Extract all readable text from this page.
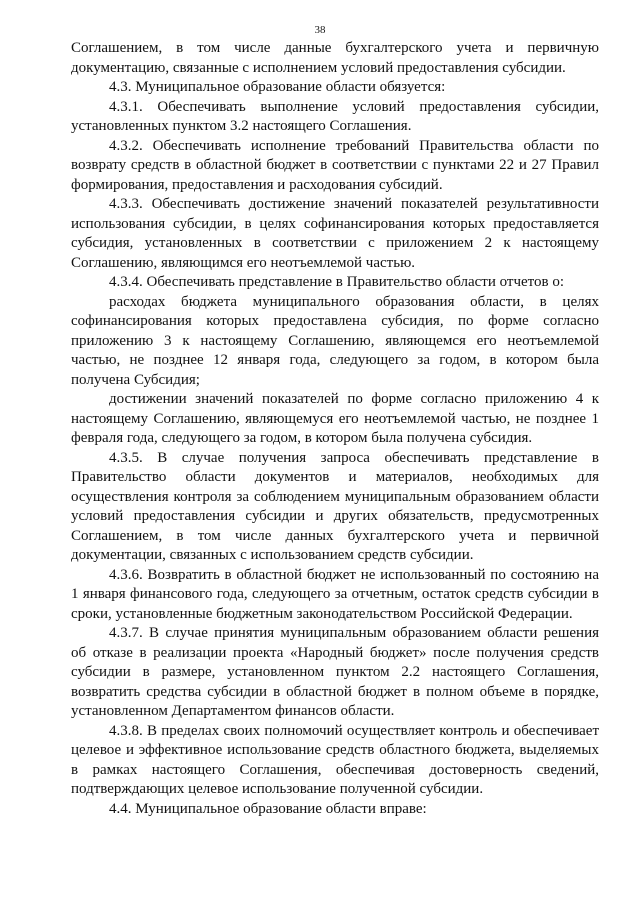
38

Соглашением, в том числе данные бухгалтерского учета и первичную документацию, связанные с исполнением условий предоставления субсидии.

4.3. Муниципальное образование области обязуется:

4.3.1. Обеспечивать выполнение условий предоставления субсидии, установленных пунктом 3.2 настоящего Соглашения.

4.3.2. Обеспечивать исполнение требований Правительства области по возврату средств в областной бюджет в соответствии с пунктами 22 и 27 Правил формирования, предоставления и расходования субсидий.

4.3.3. Обеспечивать достижение значений показателей результативности использования субсидии, в целях софинансирования которых предоставляется субсидия, установленных в соответствии с приложением 2 к настоящему Соглашению, являющимся его неотъемлемой частью.

4.3.4. Обеспечивать представление в Правительство области отчетов о:

расходах бюджета муниципального образования области, в целях софинансирования которых предоставлена субсидия, по форме согласно приложению 3 к настоящему Соглашению, являющемся его неотъемлемой частью, не позднее 12 января года, следующего за годом, в котором была получена Субсидия;

достижении значений показателей по форме согласно приложению 4 к настоящему Соглашению, являющемуся его неотъемлемой частью, не позднее 1 февраля года, следующего за годом, в котором была получена субсидия.

4.3.5. В случае получения запроса обеспечивать представление в Правительство области документов и материалов, необходимых для осуществления контроля за соблюдением муниципальным образованием области условий предоставления субсидии и других обязательств, предусмотренных Соглашением, в том числе данных бухгалтерского учета и первичной документации, связанных с использованием средств субсидии.

4.3.6. Возвратить в областной бюджет не использованный по состоянию на 1 января финансового года, следующего за отчетным, остаток средств субсидии в сроки, установленные бюджетным законодательством Российской Федерации.

4.3.7. В случае принятия муниципальным образованием области решения об отказе в реализации проекта «Народный бюджет» после получения средств субсидии в размере, установленном пунктом 2.2 настоящего Соглашения, возвратить средства субсидии в областной бюджет в полном объеме в порядке, установленном Департаментом финансов области.

4.3.8. В пределах своих полномочий осуществляет контроль и обеспечивает целевое и эффективное использование средств областного бюджета, выделяемых в рамках настоящего Соглашения, обеспечивая достоверность сведений, подтверждающих целевое использование полученной субсидии.

4.4. Муниципальное образование области вправе:
